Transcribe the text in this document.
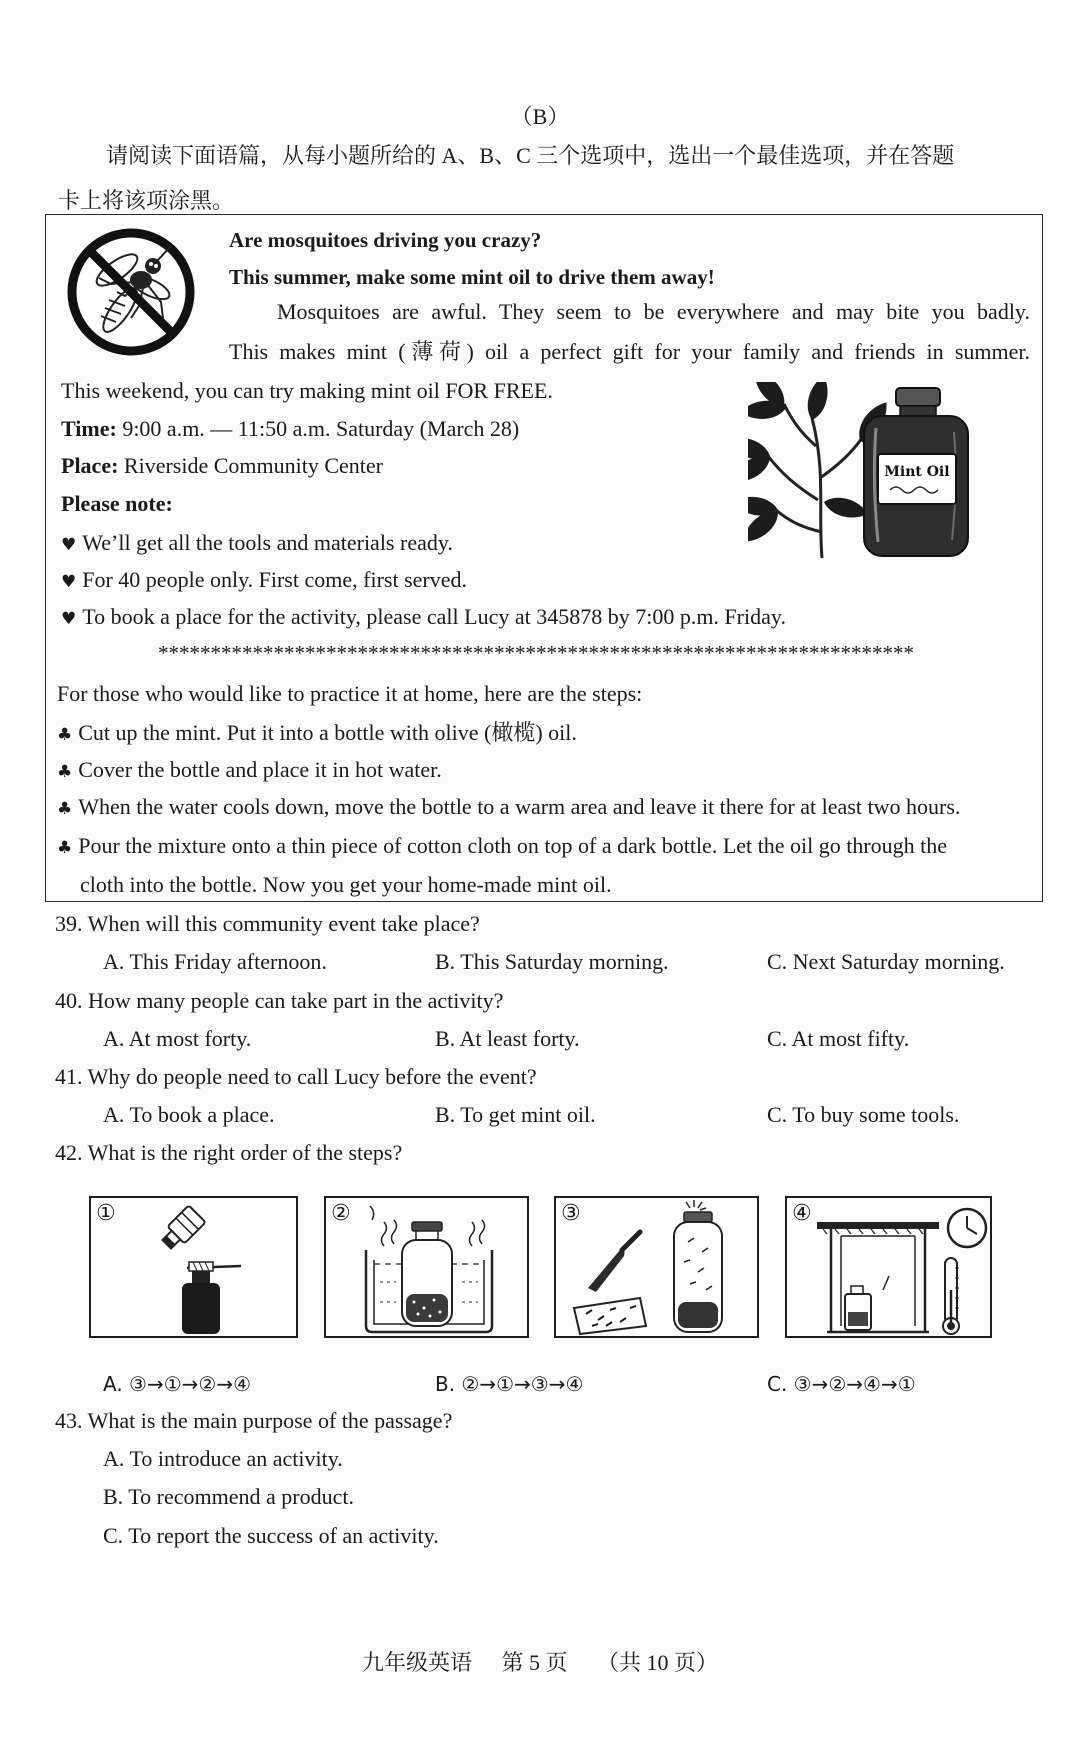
（B）
请阅读下面语篇，从每小题所给的 A、B、C 三个选项中，选出一个最佳选项，并在答题
卡上将该项涂黑。
Are mosquitoes driving you crazy?
This summer, make some mint oil to drive them away!
Mosquitoes are awful. They seem to be everywhere and may bite you badly.
This makes mint (薄荷) oil a perfect gift for your family and friends in summer.
This weekend, you can try making mint oil FOR FREE.
Time: 9:00 a.m. — 11:50 a.m. Saturday (March 28)
Place: Riverside Community Center
Please note:
♥ We’ll get all the tools and materials ready.
♥ For 40 people only. First come, first served.
♥ To book a place for the activity, please call Lucy at 345878 by 7:00 p.m. Friday.
Mint Oil
************************************************************************
For those who would like to practice it at home, here are the steps:
♣ Cut up the mint. Put it into a bottle with olive (橄榄) oil.
♣ Cover the bottle and place it in hot water.
♣ When the water cools down, move the bottle to a warm area and leave it there for at least two hours.
♣ Pour the mixture onto a thin piece of cotton cloth on top of a dark bottle. Let the oil go through the
cloth into the bottle. Now you get your home-made mint oil.
39. When will this community event take place?
A. This Friday afternoon.	B. This Saturday morning.	C. Next Saturday morning.
40. How many people can take part in the activity?
A. At most forty.	B. At least forty.	C. At most fifty.
41. Why do people need to call Lucy before the event?
A. To book a place.	B. To get mint oil.	C. To buy some tools.
42. What is the right order of the steps?
①	②	③	④
A. ③→①→②→④	B. ②→①→③→④	C. ③→②→④→①
43. What is the main purpose of the passage?
A. To introduce an activity.
B. To recommend a product.
C. To report the success of an activity.
九年级英语 第 5 页 （共 10 页）
